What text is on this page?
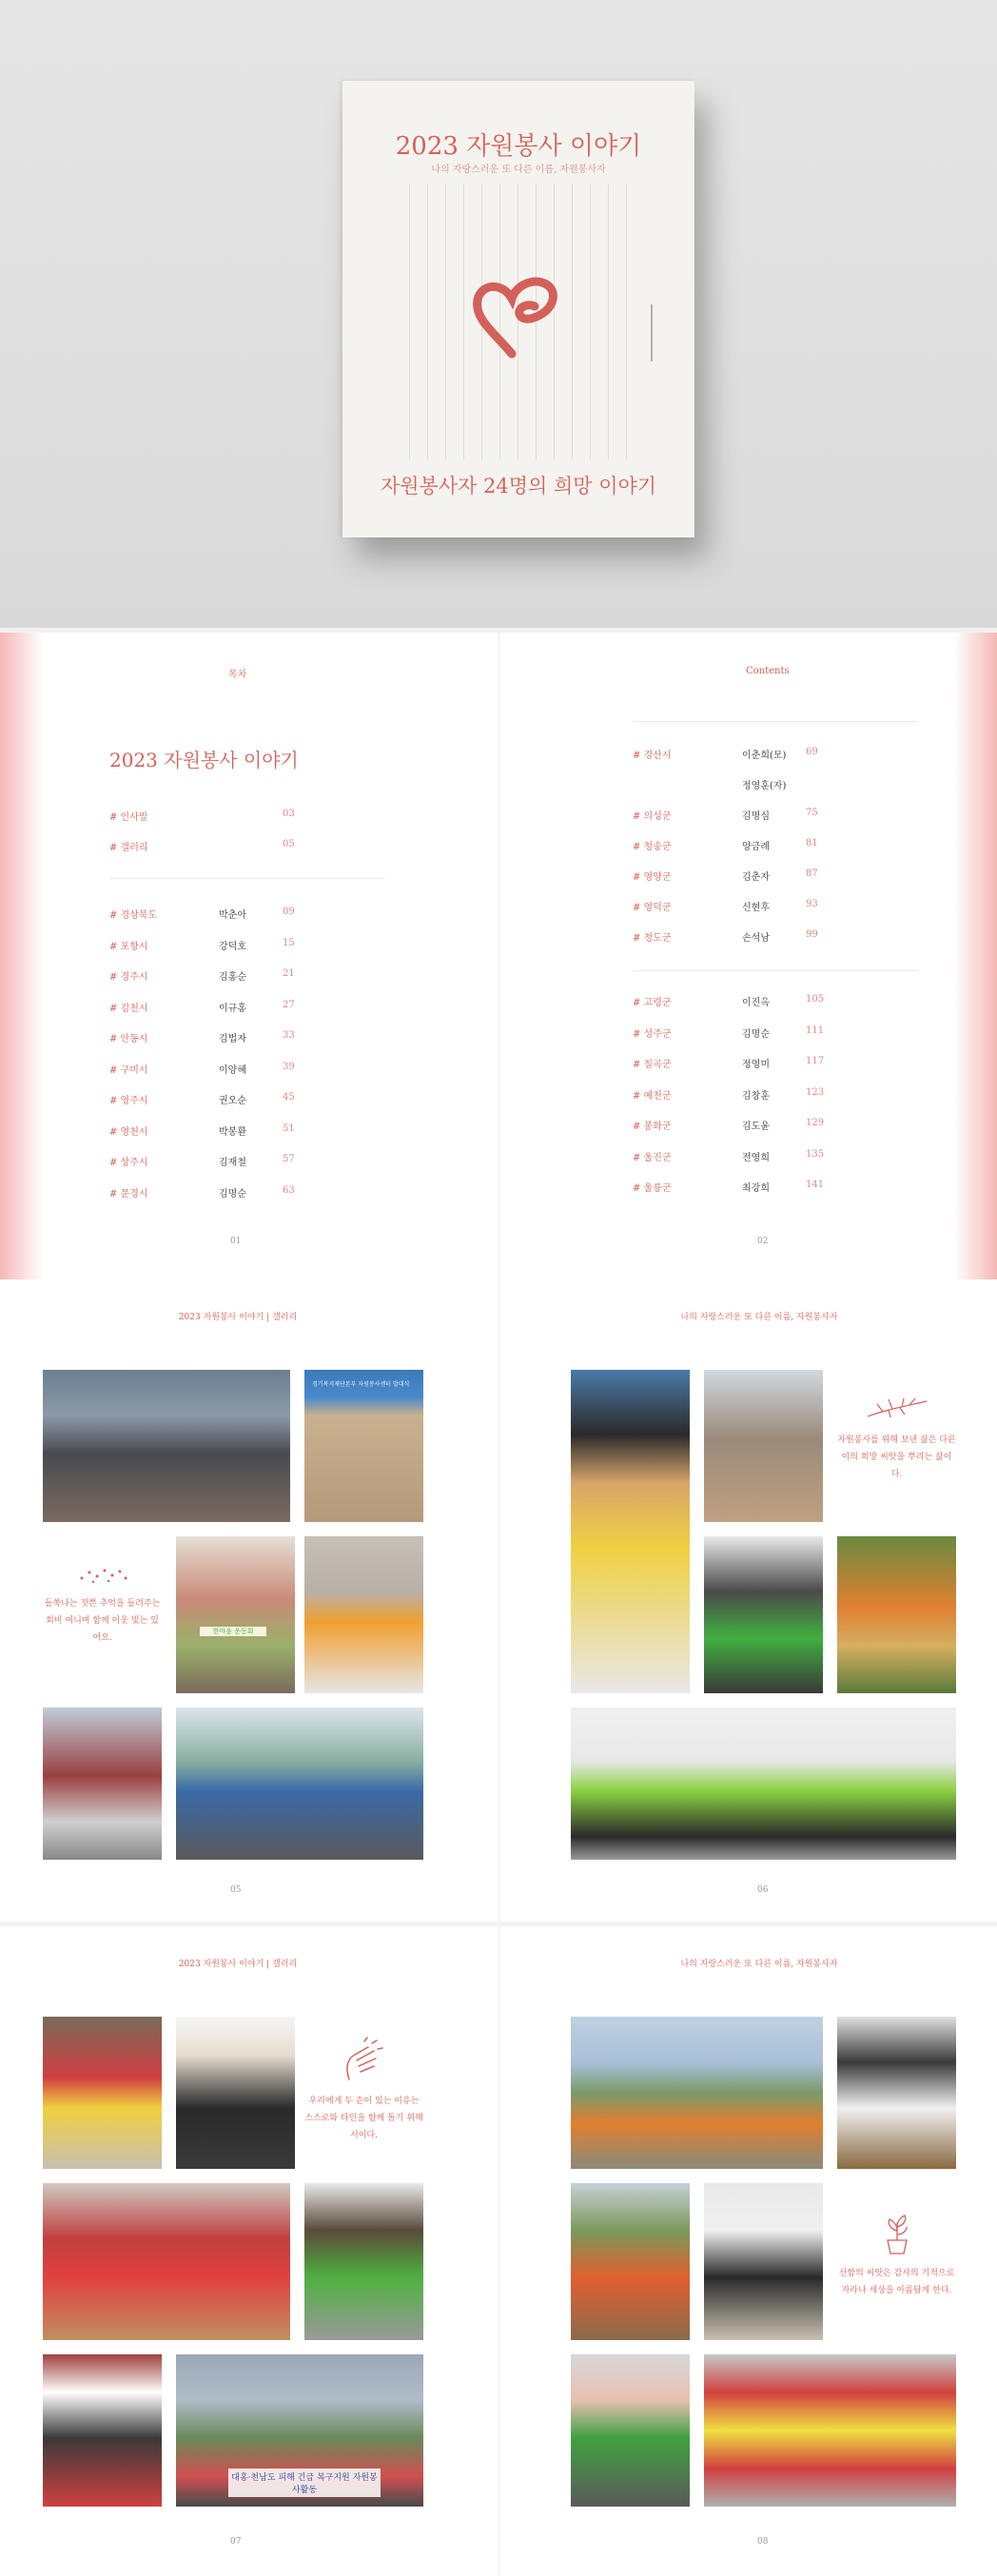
2023 자원봉사 이야기
나의 자랑스러운 또 다른 이름, 자원봉사자
자원봉사자 24명의 희망 이야기
목차	Contents
2023 자원봉사 이야기
# 인사말	03
# 갤러리	05
# 경상북도	박춘아	09
# 포항시	강덕호	15
# 경주시	김홍순	21
# 김천시	이규홍	27
# 안동시	김법자	33
# 구미시	이양혜	39
# 영주시	권오순	45
# 영천시	박봉환	51
# 상주시	김재철	57
# 문경시	김명순	63
# 경산시	이춘희(모) 69
정영훈(자)
# 의성군	김명심	75
# 청송군	양금례	81
# 영양군	김춘자	87
# 영덕군	신현후	93
# 청도군	손석남	99
# 고령군	이진옥	105
# 성주군	김명순	111
# 칠곡군	정영미	117
# 예천군	김창훈	123
# 봉화군	김도윤	129
# 울진군	전영희	135
# 울릉군	최강희	141
01	02
2023 자원봉사 이야기 | 갤러리	나의 자랑스러운 또 다른 이름, 자원봉사자
경기복지재단본부 자원봉사센터 발대식
들쑥나는 짓쁜 추억을 들려주는 회비 여니며 함께 이웃 빛는 있어요.
한마음 운동회
05
자원봉사를 위해 보낸 삶은 다른 이의 희망 씨앗을 뿌리는 삶이다.
06
2023 자원봉사 이야기 | 갤러리	나의 자랑스러운 또 다른 이름, 자원봉사자
우리에게 두 손이 있는 이유는 스스로와 타인을 함께 돕기 위해서이다.
대홍·천남도 피해 긴급 복구지원 자원봉사활동
07
선함의 씨앗은 감사의 기적으로 자라나 세상을 아름답게 한다.
08
